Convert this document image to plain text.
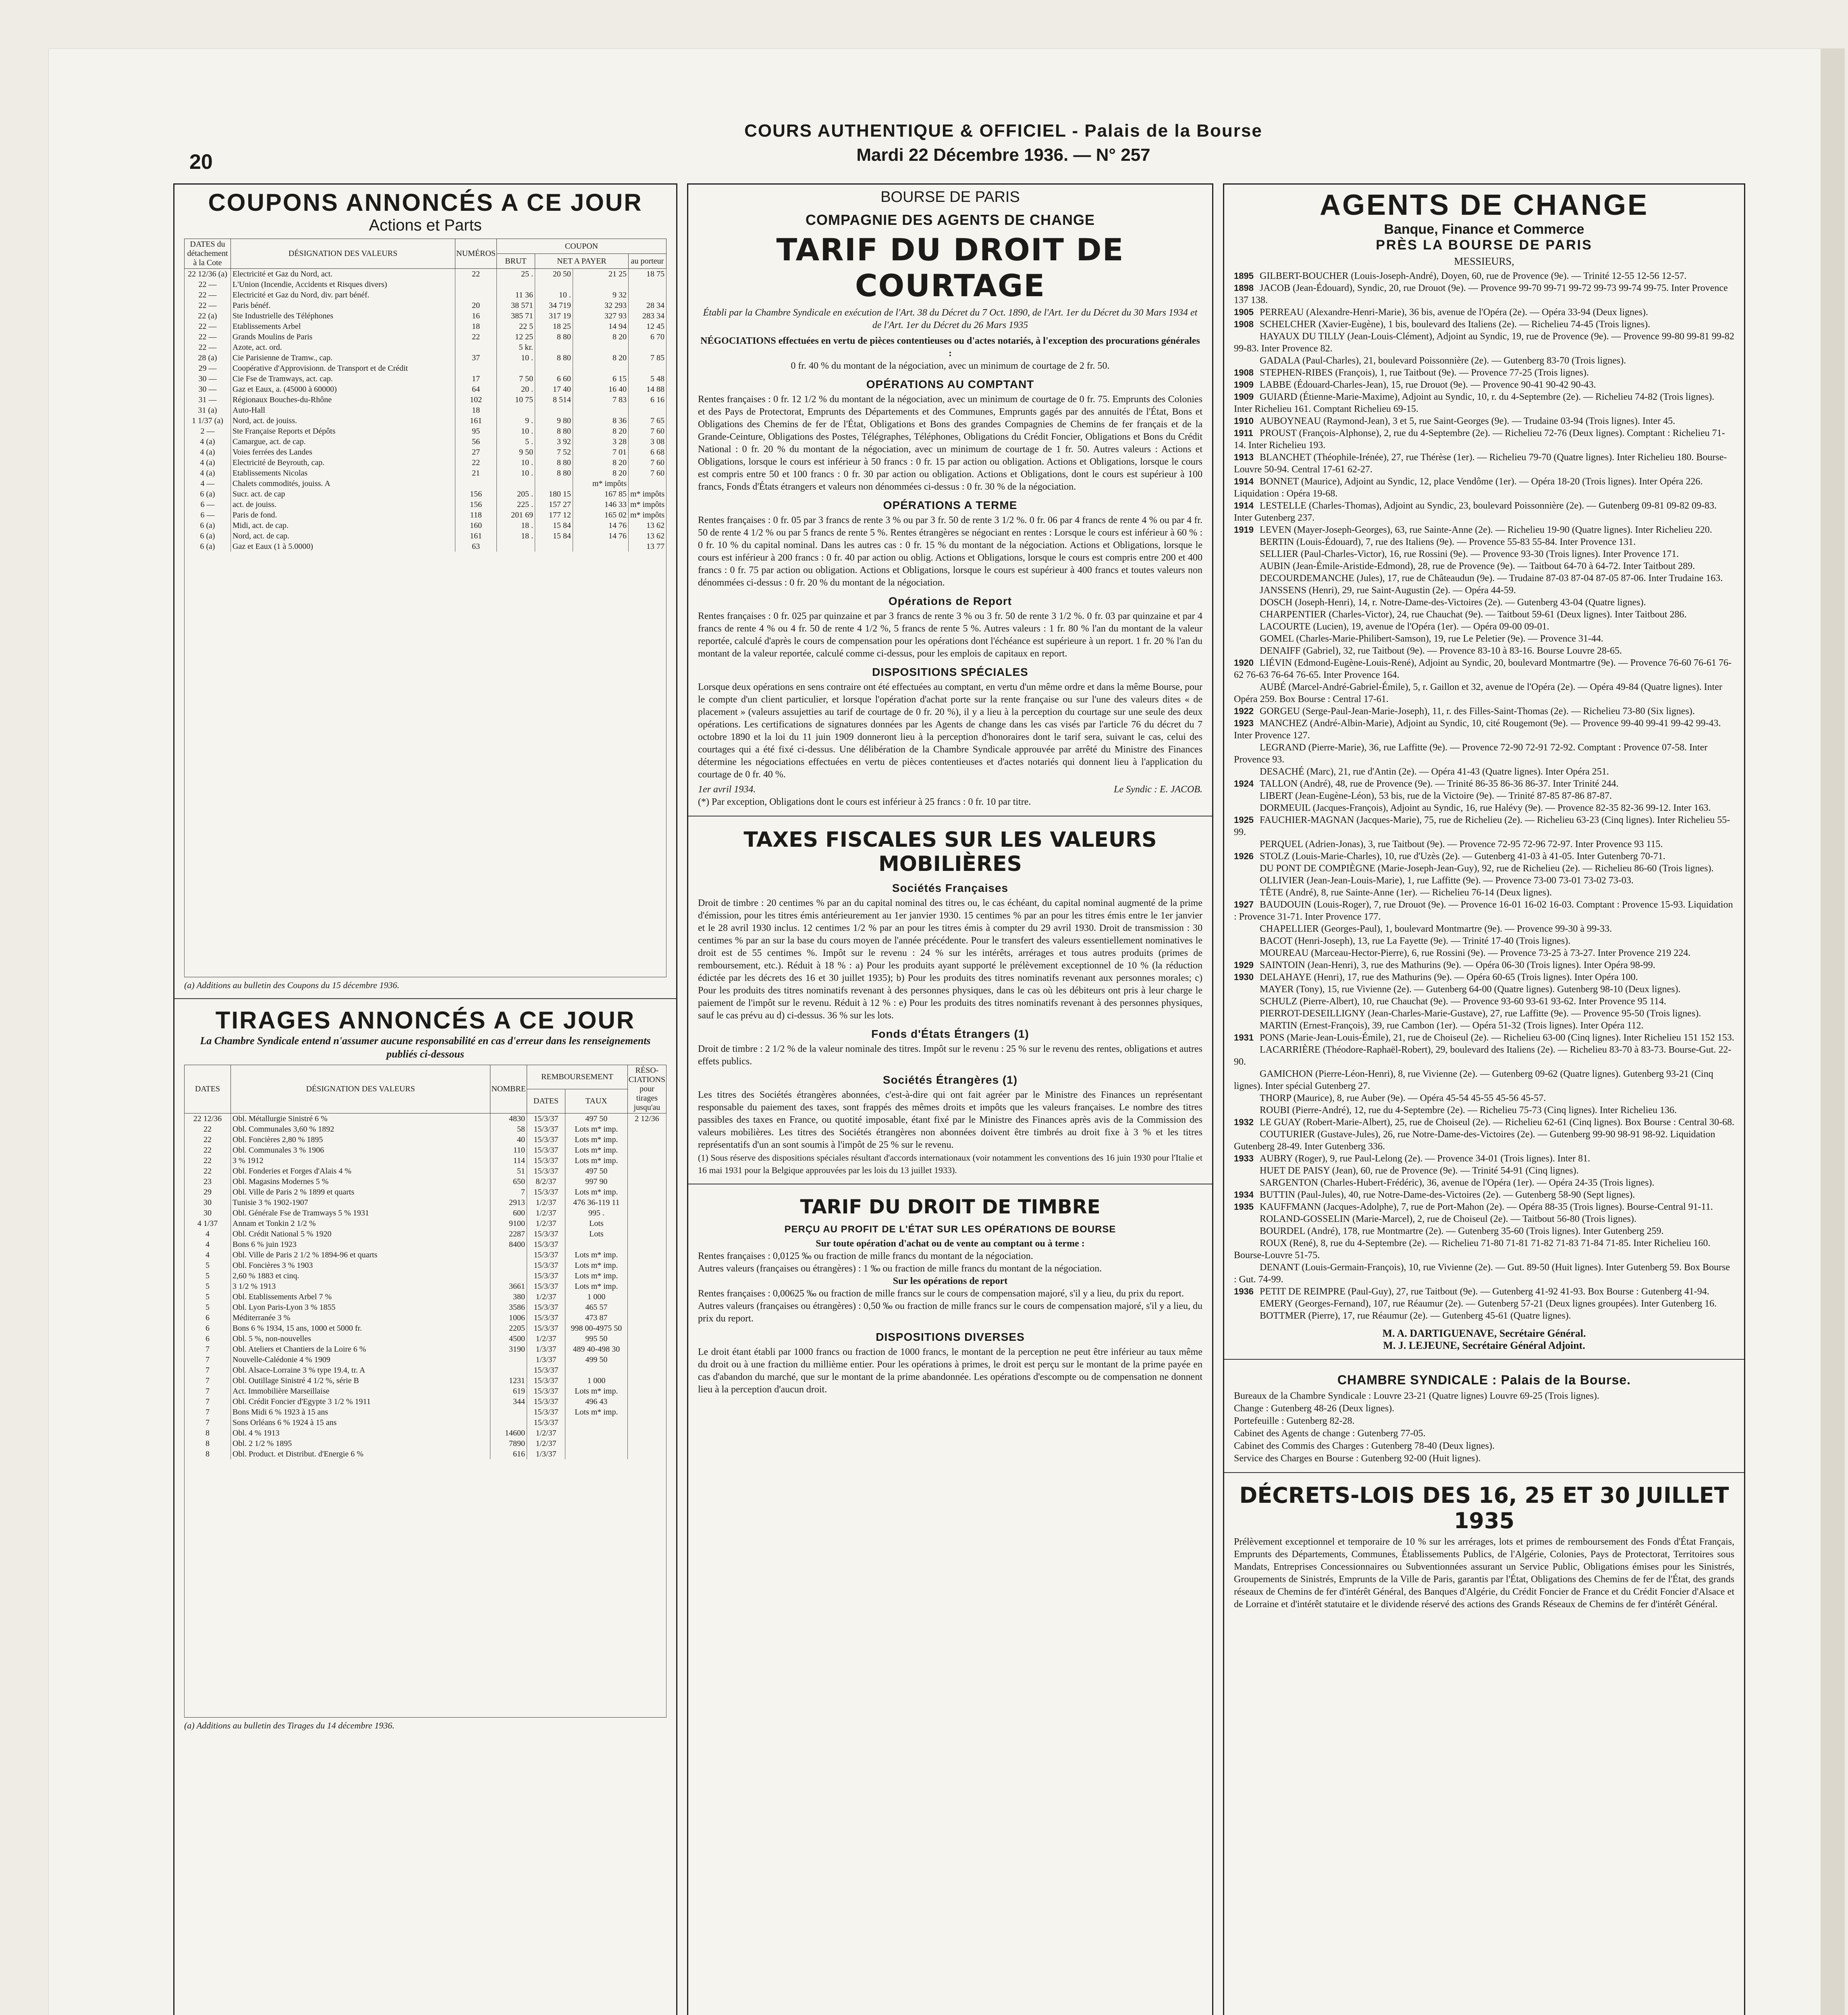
COURS AUTHENTIQUE & OFFICIEL - Palais de la Bourse
Mardi 22 Décembre 1936. — N° 257
20
COUPONS ANNONCÉS A CE JOUR
Actions et Parts
DATES du détachement à la Cote	DÉSIGNATION DES VALEURS	NUMÉROS	COUPON			
			BRUT	NET A PAYER		au porteur
22 12/36 (a)	Electricité et Gaz du Nord, act.	22	25 .	20 50	21 25	18 75
22 —	L'Union (Incendie, Accidents et Risques divers)					
22 —	Electricité et Gaz du Nord, div. part bénéf.		11 36	10 .	9 32	
22 —	Paris bénéf.	20	38 571	34 719	32 293	28 34
22 (a)	Ste Industrielle des Téléphones	16	385 71	317 19	327 93	283 34
22 —	Etablissements Arbel	18	22 5	18 25	14 94	12 45
22 —	Grands Moulins de Paris	22	12 25	8 80	8 20	6 70
22 —	Azote, act. ord.		5 kr.			
28 (a)	Cie Parisienne de Tramw., cap.	37	10 .	8 80	8 20	7 85
29 —	Coopérative d'Approvisionn. de Transport et de Crédit					
30 —	Cie Fse de Tramways, act. cap.	17	7 50	6 60	6 15	5 48
30 —	Gaz et Eaux, a. (45000 à 60000)	64	20 .	17 40	16 40	14 88
31 —	Régionaux Bouches-du-Rhône	102	10 75	8 514	7 83	6 16
31 (a)	Auto-Hall	18				
1 1/37 (a)	Nord, act. de jouiss.	161	9 .	9 80	8 36	7 65
2 —	Ste Française Reports et Dépôts	95	10 .	8 80	8 20	7 60
4 (a)	Camargue, act. de cap.	56	5 .	3 92	3 28	3 08
4 (a)	Voies ferrées des Landes	27	9 50	7 52	7 01	6 68
4 (a)	Electricité de Beyrouth, cap.	22	10 .	8 80	8 20	7 60
4 (a)	Etablissements Nicolas	21	10 .	8 80	8 20	7 60
4 —	Chalets commodités, jouiss. A				m* impôts	
6 (a)	Sucr. act. de cap	156	205 .	180 15	167 85	m* impôts
6 —	act. de jouiss.	156	225 .	157 27	146 33	m* impôts
6 —	Paris de fond.	118	201 69	177 12	165 02	m* impôts
6 (a)	Midi, act. de cap.	160	18 .	15 84	14 76	13 62
6 (a)	Nord, act. de cap.	161	18 .	15 84	14 76	13 62
6 (a)	Gaz et Eaux (1 à 5.0000)	63				13 77
(a) Additions au bulletin des Coupons du 15 décembre 1936.
TIRAGES ANNONCÉS A CE JOUR
La Chambre Syndicale entend n'assumer aucune responsabilité en cas d'erreur dans les renseignements publiés ci-dessous
DATES	DÉSIGNATION DES VALEURS	NOMBRE	REMBOURSEMENT		RÉSO-CIATIONS pour tirages jusqu'au
			DATES	TAUX	
22 12/36	Obl. Métallurgie Sinistré 6 %	4830	15/3/37	497 50	2 12/36
22	Obl. Communales 3,60 % 1892	58	15/3/37	Lots m* imp.	
22	Obl. Foncières 2,80 % 1895	40	15/3/37	Lots m* imp.	
22	Obl. Communales 3 % 1906	110	15/3/37	Lots m* imp.	
22	3 % 1912	114	15/3/37	Lots m* imp.	
22	Obl. Fonderies et Forges d'Alais 4 %	51	15/3/37	497 50	
23	Obl. Magasins Modernes 5 %	650	8/2/37	997 90	
29	Obl. Ville de Paris 2 % 1899 et quarts	7	15/3/37	Lots m* imp.	
30	Tunisie 3 % 1902-1907	2913	1/2/37	476 36-119 11	
30	Obl. Générale Fse de Tramways 5 % 1931	600	1/2/37	995 .	
4 1/37	Annam et Tonkin 2 1/2 %	9100	1/2/37	Lots	
4	Obl. Crédit National 5 % 1920	2287	15/3/37	Lots	
4	Bons 6 % juin 1923	8400	15/3/37		
4	Obl. Ville de Paris 2 1/2 % 1894-96 et quarts		15/3/37	Lots m* imp.	
5	Obl. Foncières 3 % 1903		15/3/37	Lots m* imp.	
5	2,60 % 1883 et cinq.		15/3/37	Lots m* imp.	
5	3 1/2 % 1913	3661	15/3/37	Lots m* imp.	
5	Obl. Etablissements Arbel 7 %	380	1/2/37	1 000	
5	Obl. Lyon Paris-Lyon 3 % 1855	3586	15/3/37	465 57	
6	Méditerranée 3 %	1006	15/3/37	473 87	
6	Bons 6 % 1934, 15 ans, 1000 et 5000 fr.	2205	15/3/37	998 00-4975 50	
6	Obl. 5 %, non-nouvelles	4500	1/2/37	995 50	
7	Obl. Ateliers et Chantiers de la Loire 6 %	3190	1/3/37	489 40-498 30	
7	Nouvelle-Calédonie 4 % 1909		1/3/37	499 50	
7	Obl. Alsace-Lorraine 3 % type 19.4, tr. A		15/3/37		
7	Obl. Outillage Sinistré 4 1/2 %, série B	1231	15/3/37	1 000	
7	Act. Immobilière Marseillaise	619	15/3/37	Lots m* imp.	
7	Obl. Crédit Foncier d'Egypte 3 1/2 % 1911	344	15/3/37	496 43	
7	Bons Midi 6 % 1923 à 15 ans		15/3/37	Lots m* imp.	
7	Sons Orléans 6 % 1924 à 15 ans		15/3/37		
8	Obl. 4 % 1913	14600	1/2/37		
8	Obl. 2 1/2 % 1895	7890	1/2/37		
8	Obl. Product. et Distribut. d'Energie 6 %	616	1/3/37		
(a) Additions au bulletin des Tirages du 14 décembre 1936.
BOURSE DE PARIS
COMPAGNIE DES AGENTS DE CHANGE
TARIF DU DROIT DE COURTAGE
Établi par la Chambre Syndicale en exécution de l'Art. 38 du Décret du 7 Oct. 1890, de l'Art. 1er du Décret du 30 Mars 1934 et de l'Art. 1er du Décret du 26 Mars 1935
NÉGOCIATIONS effectuées en vertu de pièces contentieuses ou d'actes notariés, à l'exception des procurations générales :
0 fr. 40 % du montant de la négociation, avec un minimum de courtage de 2 fr. 50.
OPÉRATIONS AU COMPTANT
Rentes françaises : 0 fr. 12 1/2 % du montant de la négociation, avec un minimum de courtage de 0 fr. 75. Emprunts des Colonies et des Pays de Protectorat, Emprunts des Départements et des Communes, Emprunts gagés par des annuités de l'État, Bons et Obligations des Chemins de fer de l'État, Obligations et Bons des grandes Compagnies de Chemins de fer français et de la Grande-Ceinture, Obligations des Postes, Télégraphes, Téléphones, Obligations du Crédit Foncier, Obligations et Bons du Crédit National : 0 fr. 20 % du montant de la négociation, avec un minimum de courtage de 1 fr. 50. Autres valeurs : Actions et Obligations, lorsque le cours est inférieur à 50 francs : 0 fr. 15 par action ou obligation. Actions et Obligations, lorsque le cours est compris entre 50 et 100 francs : 0 fr. 30 par action ou obligation. Actions et Obligations, dont le cours est supérieur à 100 francs, Fonds d'États étrangers et valeurs non dénommées ci-dessus : 0 fr. 30 % de la négociation.
OPÉRATIONS A TERME
Rentes françaises : 0 fr. 05 par 3 francs de rente 3 % ou par 3 fr. 50 de rente 3 1/2 %. 0 fr. 06 par 4 francs de rente 4 % ou par 4 fr. 50 de rente 4 1/2 % ou par 5 francs de rente 5 %. Rentes étrangères se négociant en rentes : Lorsque le cours est inférieur à 60 % : 0 fr. 10 % du capital nominal. Dans les autres cas : 0 fr. 15 % du montant de la négociation. Actions et Obligations, lorsque le cours est inférieur à 200 francs : 0 fr. 40 par action ou oblig. Actions et Obligations, lorsque le cours est compris entre 200 et 400 francs : 0 fr. 75 par action ou obligation. Actions et Obligations, lorsque le cours est supérieur à 400 francs et toutes valeurs non dénommées ci-dessus : 0 fr. 20 % du montant de la négociation.
Opérations de Report
Rentes françaises : 0 fr. 025 par quinzaine et par 3 francs de rente 3 % ou 3 fr. 50 de rente 3 1/2 %. 0 fr. 03 par quinzaine et par 4 francs de rente 4 % ou 4 fr. 50 de rente 4 1/2 %, 5 francs de rente 5 %. Autres valeurs : 1 fr. 80 % l'an du montant de la valeur reportée, calculé d'après le cours de compensation pour les opérations dont l'échéance est supérieure à un report. 1 fr. 20 % l'an du montant de la valeur reportée, calculé comme ci-dessus, pour les emplois de capitaux en report.
DISPOSITIONS SPÉCIALES
Lorsque deux opérations en sens contraire ont été effectuées au comptant, en vertu d'un même ordre et dans la même Bourse, pour le compte d'un client particulier, et lorsque l'opération d'achat porte sur la rente française ou sur l'une des valeurs dites « de placement » (valeurs assujetties au tarif de courtage de 0 fr. 20 %), il y a lieu à la perception du courtage sur une seule des deux opérations. Les certifications de signatures données par les Agents de change dans les cas visés par l'article 76 du décret du 7 octobre 1890 et la loi du 11 juin 1909 donneront lieu à la perception d'honoraires dont le tarif sera, suivant le cas, celui des courtages qui a été fixé ci-dessus. Une délibération de la Chambre Syndicale approuvée par arrêté du Ministre des Finances détermine les négociations effectuées en vertu de pièces contentieuses et d'actes notariés qui donnent lieu à l'application du courtage de 0 fr. 40 %.
1er avril 1934.	Le Syndic : E. JACOB.
(*) Par exception, Obligations dont le cours est inférieur à 25 francs : 0 fr. 10 par titre.
TAXES FISCALES SUR LES VALEURS MOBILIÈRES
Sociétés Françaises
Droit de timbre : 20 centimes % par an du capital nominal des titres ou, le cas échéant, du capital nominal augmenté de la prime d'émission, pour les titres émis antérieurement au 1er janvier 1930. 15 centimes % par an pour les titres émis entre le 1er janvier et le 28 avril 1930 inclus. 12 centimes 1/2 % par an pour les titres émis à compter du 29 avril 1930. Droit de transmission : 30 centimes % par an sur la base du cours moyen de l'année précédente. Pour le transfert des valeurs essentiellement nominatives le droit est de 55 centimes %. Impôt sur le revenu : 24 % sur les intérêts, arrérages et tous autres produits (primes de remboursement, etc.). Réduit à 18 % : a) Pour les produits ayant supporté le prélèvement exceptionnel de 10 % (la réduction édictée par les décrets des 16 et 30 juillet 1935); b) Pour les produits des titres nominatifs revenant aux personnes morales; c) Pour les produits des titres nominatifs revenant à des personnes physiques, dans le cas où les débiteurs ont pris à leur charge le paiement de l'impôt sur le revenu. Réduit à 12 % : e) Pour les produits des titres nominatifs revenant à des personnes physiques, sauf le cas prévu au d) ci-dessus. 36 % sur les lots.
Fonds d'États Étrangers (1)
Droit de timbre : 2 1/2 % de la valeur nominale des titres. Impôt sur le revenu : 25 % sur le revenu des rentes, obligations et autres effets publics.
Sociétés Étrangères (1)
Les titres des Sociétés étrangères abonnées, c'est-à-dire qui ont fait agréer par le Ministre des Finances un représentant responsable du paiement des taxes, sont frappés des mêmes droits et impôts que les valeurs françaises. Le nombre des titres passibles des taxes en France, ou quotité imposable, étant fixé par le Ministre des Finances après avis de la Commission des valeurs mobilières. Les titres des Sociétés étrangères non abonnées doivent être timbrés au droit fixe à 3 % et les titres représentatifs d'un an sont soumis à l'impôt de 25 % sur le revenu.
(1) Sous réserve des dispositions spéciales résultant d'accords internationaux (voir notamment les conventions des 16 juin 1930 pour l'Italie et 16 mai 1931 pour la Belgique approuvées par les lois du 13 juillet 1933).
TARIF DU DROIT DE TIMBRE
PERÇU AU PROFIT DE L'ÉTAT SUR LES OPÉRATIONS DE BOURSE
Sur toute opération d'achat ou de vente au comptant ou à terme :
Rentes françaises : 0,0125 ‰ ou fraction de mille francs du montant de la négociation.
Autres valeurs (françaises ou étrangères) : 1 ‰ ou fraction de mille francs du montant de la négociation.
Sur les opérations de report
Rentes françaises : 0,00625 ‰ ou fraction de mille francs sur le cours de compensation majoré, s'il y a lieu, du prix du report.
Autres valeurs (françaises ou étrangères) : 0,50 ‰ ou fraction de mille francs sur le cours de compensation majoré, s'il y a lieu, du prix du report.
DISPOSITIONS DIVERSES
Le droit étant établi par 1000 francs ou fraction de 1000 francs, le montant de la perception ne peut être inférieur au taux même du droit ou à une fraction du millième entier. Pour les opérations à primes, le droit est perçu sur le montant de la prime payée en cas d'abandon du marché, que sur le montant de la prime abandonnée. Les opérations d'escompte ou de compensation ne donnent lieu à la perception d'aucun droit.
AGENTS DE CHANGE
Banque, Finance et Commerce
PRÈS LA BOURSE DE PARIS
MESSIEURS,
1895 GILBERT-BOUCHER (Louis-Joseph-André), Doyen, 60, rue de Provence (9e). — Trinité 12-55 12-56 12-57.
1898 JACOB (Jean-Édouard), Syndic, 20, rue Drouot (9e). — Provence 99-70 99-71 99-72 99-73 99-74 99-75. Inter Provence 137 138.
1905 PERREAU (Alexandre-Henri-Marie), 36 bis, avenue de l'Opéra (2e). — Opéra 33-94 (Deux lignes).
1908 SCHELCHER (Xavier-Eugène), 1 bis, boulevard des Italiens (2e). — Richelieu 74-45 (Trois lignes).
HAYAUX DU TILLY (Jean-Louis-Clément), Adjoint au Syndic, 19, rue de Provence (9e). — Provence 99-80 99-81 99-82 99-83. Inter Provence 82.
GADALA (Paul-Charles), 21, boulevard Poissonnière (2e). — Gutenberg 83-70 (Trois lignes).
1908 STEPHEN-RIBES (François), 1, rue Taitbout (9e). — Provence 77-25 (Trois lignes).
1909 LABBE (Édouard-Charles-Jean), 15, rue Drouot (9e). — Provence 90-41 90-42 90-43.
1909 GUIARD (Étienne-Marie-Maxime), Adjoint au Syndic, 10, r. du 4-Septembre (2e). — Richelieu 74-82 (Trois lignes). Inter Richelieu 161. Comptant Richelieu 69-15.
1910 AUBOYNEAU (Raymond-Jean), 3 et 5, rue Saint-Georges (9e). — Trudaine 03-94 (Trois lignes). Inter 45.
1911 PROUST (François-Alphonse), 2, rue du 4-Septembre (2e). — Richelieu 72-76 (Deux lignes). Comptant : Richelieu 71-14. Inter Richelieu 193.
1913 BLANCHET (Théophile-Irénée), 27, rue Thérèse (1er). — Richelieu 79-70 (Quatre lignes). Inter Richelieu 180. Bourse-Louvre 50-94. Central 17-61 62-27.
1914 BONNET (Maurice), Adjoint au Syndic, 12, place Vendôme (1er). — Opéra 18-20 (Trois lignes). Inter Opéra 226. Liquidation : Opéra 19-68.
1914 LESTELLE (Charles-Thomas), Adjoint au Syndic, 23, boulevard Poissonnière (2e). — Gutenberg 09-81 09-82 09-83. Inter Gutenberg 237.
1919 LEVEN (Mayer-Joseph-Georges), 63, rue Sainte-Anne (2e). — Richelieu 19-90 (Quatre lignes). Inter Richelieu 220.
BERTIN (Louis-Édouard), 7, rue des Italiens (9e). — Provence 55-83 55-84. Inter Provence 131.
SELLIER (Paul-Charles-Victor), 16, rue Rossini (9e). — Provence 93-30 (Trois lignes). Inter Provence 171.
AUBIN (Jean-Émile-Aristide-Edmond), 28, rue de Provence (9e). — Taitbout 64-70 à 64-72. Inter Taitbout 289.
DECOURDEMANCHE (Jules), 17, rue de Châteaudun (9e). — Trudaine 87-03 87-04 87-05 87-06. Inter Trudaine 163.
JANSSENS (Henri), 29, rue Saint-Augustin (2e). — Opéra 44-59.
DOSCH (Joseph-Henri), 14, r. Notre-Dame-des-Victoires (2e). — Gutenberg 43-04 (Quatre lignes).
CHARPENTIER (Charles-Victor), 24, rue Chauchat (9e). — Taitbout 59-61 (Deux lignes). Inter Taitbout 286.
LACOURTE (Lucien), 19, avenue de l'Opéra (1er). — Opéra 09-00 09-01.
GOMEL (Charles-Marie-Philibert-Samson), 19, rue Le Peletier (9e). — Provence 31-44.
DENAIFF (Gabriel), 32, rue Taitbout (9e). — Provence 83-10 à 83-16. Bourse Louvre 28-65.
1920 LIÉVIN (Edmond-Eugène-Louis-René), Adjoint au Syndic, 20, boulevard Montmartre (9e). — Provence 76-60 76-61 76-62 76-63 76-64 76-65. Inter Provence 164.
AUBÉ (Marcel-André-Gabriel-Émile), 5, r. Gaillon et 32, avenue de l'Opéra (2e). — Opéra 49-84 (Quatre lignes). Inter Opéra 259. Box Bourse : Central 17-61.
1922 GORGEU (Serge-Paul-Jean-Marie-Joseph), 11, r. des Filles-Saint-Thomas (2e). — Richelieu 73-80 (Six lignes).
1923 MANCHEZ (André-Albin-Marie), Adjoint au Syndic, 10, cité Rougemont (9e). — Provence 99-40 99-41 99-42 99-43. Inter Provence 127.
LEGRAND (Pierre-Marie), 36, rue Laffitte (9e). — Provence 72-90 72-91 72-92. Comptant : Provence 07-58. Inter Provence 93.
DESACHÉ (Marc), 21, rue d'Antin (2e). — Opéra 41-43 (Quatre lignes). Inter Opéra 251.
1924 TALLON (André), 48, rue de Provence (9e). — Trinité 86-35 86-36 86-37. Inter Trinité 244.
LIBERT (Jean-Eugène-Léon), 53 bis, rue de la Victoire (9e). — Trinité 87-85 87-86 87-87.
DORMEUIL (Jacques-François), Adjoint au Syndic, 16, rue Halévy (9e). — Provence 82-35 82-36 99-12. Inter 163.
1925 FAUCHIER-MAGNAN (Jacques-Marie), 75, rue de Richelieu (2e). — Richelieu 63-23 (Cinq lignes). Inter Richelieu 55-99.
PERQUEL (Adrien-Jonas), 3, rue Taitbout (9e). — Provence 72-95 72-96 72-97. Inter Provence 93 115.
1926 STOLZ (Louis-Marie-Charles), 10, rue d'Uzès (2e). — Gutenberg 41-03 à 41-05. Inter Gutenberg 70-71.
DU PONT DE COMPIÈGNE (Marie-Joseph-Jean-Guy), 92, rue de Richelieu (2e). — Richelieu 86-60 (Trois lignes).
OLLIVIER (Jean-Jean-Louis-Marie), 1, rue Laffitte (9e). — Provence 73-00 73-01 73-02 73-03.
TÊTE (André), 8, rue Sainte-Anne (1er). — Richelieu 76-14 (Deux lignes).
1927 BAUDOUIN (Louis-Roger), 7, rue Drouot (9e). — Provence 16-01 16-02 16-03. Comptant : Provence 15-93. Liquidation : Provence 31-71. Inter Provence 177.
CHAPELLIER (Georges-Paul), 1, boulevard Montmartre (9e). — Provence 99-30 à 99-33.
BACOT (Henri-Joseph), 13, rue La Fayette (9e). — Trinité 17-40 (Trois lignes).
MOUREAU (Marceau-Hector-Pierre), 6, rue Rossini (9e). — Provence 73-25 à 73-27. Inter Provence 219 224.
1929 SAINTOIN (Jean-Henri), 3, rue des Mathurins (9e). — Opéra 06-30 (Trois lignes). Inter Opéra 98-99.
1930 DELAHAYE (Henri), 17, rue des Mathurins (9e). — Opéra 60-65 (Trois lignes). Inter Opéra 100.
MAYER (Tony), 15, rue Vivienne (2e). — Gutenberg 64-00 (Quatre lignes). Gutenberg 98-10 (Deux lignes).
SCHULZ (Pierre-Albert), 10, rue Chauchat (9e). — Provence 93-60 93-61 93-62. Inter Provence 95 114.
PIERROT-DESEILLIGNY (Jean-Charles-Marie-Gustave), 27, rue Laffitte (9e). — Provence 95-50 (Trois lignes).
MARTIN (Ernest-François), 39, rue Cambon (1er). — Opéra 51-32 (Trois lignes). Inter Opéra 112.
1931 PONS (Marie-Jean-Louis-Émile), 21, rue de Choiseul (2e). — Richelieu 63-00 (Cinq lignes). Inter Richelieu 151 152 153.
LACARRIÈRE (Théodore-Raphaël-Robert), 29, boulevard des Italiens (2e). — Richelieu 83-70 à 83-73. Bourse-Gut. 22-90.
GAMICHON (Pierre-Léon-Henri), 8, rue Vivienne (2e). — Gutenberg 09-62 (Quatre lignes). Gutenberg 93-21 (Cinq lignes). Inter spécial Gutenberg 27.
THORP (Maurice), 8, rue Auber (9e). — Opéra 45-54 45-55 45-56 45-57.
ROUBI (Pierre-André), 12, rue du 4-Septembre (2e). — Richelieu 75-73 (Cinq lignes). Inter Richelieu 136.
1932 LE GUAY (Robert-Marie-Albert), 25, rue de Choiseul (2e). — Richelieu 62-61 (Cinq lignes). Box Bourse : Central 30-68.
COUTURIER (Gustave-Jules), 26, rue Notre-Dame-des-Victoires (2e). — Gutenberg 99-90 98-91 98-92. Liquidation Gutenberg 28-49. Inter Gutenberg 336.
1933 AUBRY (Roger), 9, rue Paul-Lelong (2e). — Provence 34-01 (Trois lignes). Inter 81.
HUET DE PAISY (Jean), 60, rue de Provence (9e). — Trinité 54-91 (Cinq lignes).
SARGENTON (Charles-Hubert-Frédéric), 36, avenue de l'Opéra (1er). — Opéra 24-35 (Trois lignes).
1934 BUTTIN (Paul-Jules), 40, rue Notre-Dame-des-Victoires (2e). — Gutenberg 58-90 (Sept lignes).
1935 KAUFFMANN (Jacques-Adolphe), 7, rue de Port-Mahon (2e). — Opéra 88-35 (Trois lignes). Bourse-Central 91-11.
ROLAND-GOSSELIN (Marie-Marcel), 2, rue de Choiseul (2e). — Taitbout 56-80 (Trois lignes).
BOURDEL (André), 178, rue Montmartre (2e). — Gutenberg 35-60 (Trois lignes). Inter Gutenberg 259.
ROUX (René), 8, rue du 4-Septembre (2e). — Richelieu 71-80 71-81 71-82 71-83 71-84 71-85. Inter Richelieu 160. Bourse-Louvre 51-75.
DENANT (Louis-Germain-François), 10, rue Vivienne (2e). — Gut. 89-50 (Huit lignes). Inter Gutenberg 59. Box Bourse : Gut. 74-99.
1936 PETIT DE REIMPRE (Paul-Guy), 27, rue Taitbout (9e). — Gutenberg 41-92 41-93. Box Bourse : Gutenberg 41-94.
EMERY (Georges-Fernand), 107, rue Réaumur (2e). — Gutenberg 57-21 (Deux lignes groupées). Inter Gutenberg 16.
BOTTMER (Pierre), 17, rue Réaumur (2e). — Gutenberg 45-61 (Quatre lignes).
M. A. DARTIGUENAVE, Secrétaire Général.
M. J. LEJEUNE, Secrétaire Général Adjoint.
CHAMBRE SYNDICALE : Palais de la Bourse.
Bureaux de la Chambre Syndicale : Louvre 23-21 (Quatre lignes) Louvre 69-25 (Trois lignes).
Change : Gutenberg 48-26 (Deux lignes).
Portefeuille : Gutenberg 82-28.
Cabinet des Agents de change : Gutenberg 77-05.
Cabinet des Commis des Charges : Gutenberg 78-40 (Deux lignes).
Service des Charges en Bourse : Gutenberg 92-00 (Huit lignes).
DÉCRETS-LOIS DES 16, 25 ET 30 JUILLET 1935
Prélèvement exceptionnel et temporaire de 10 % sur les arrérages, lots et primes de remboursement des Fonds d'État Français, Emprunts des Départements, Communes, Établissements Publics, de l'Algérie, Colonies, Pays de Protectorat, Territoires sous Mandats, Entreprises Concessionnaires ou Subventionnées assurant un Service Public, Obligations émises pour les Sinistrés, Groupements de Sinistrés, Emprunts de la Ville de Paris, garantis par l'État, Obligations des Chemins de fer de l'État, des grands réseaux de Chemins de fer d'intérêt Général, des Banques d'Algérie, du Crédit Foncier de France et du Crédit Foncier d'Alsace et de Lorraine et d'intérêt statutaire et le dividende réservé des actions des Grands Réseaux de Chemins de fer d'intérêt Général.
